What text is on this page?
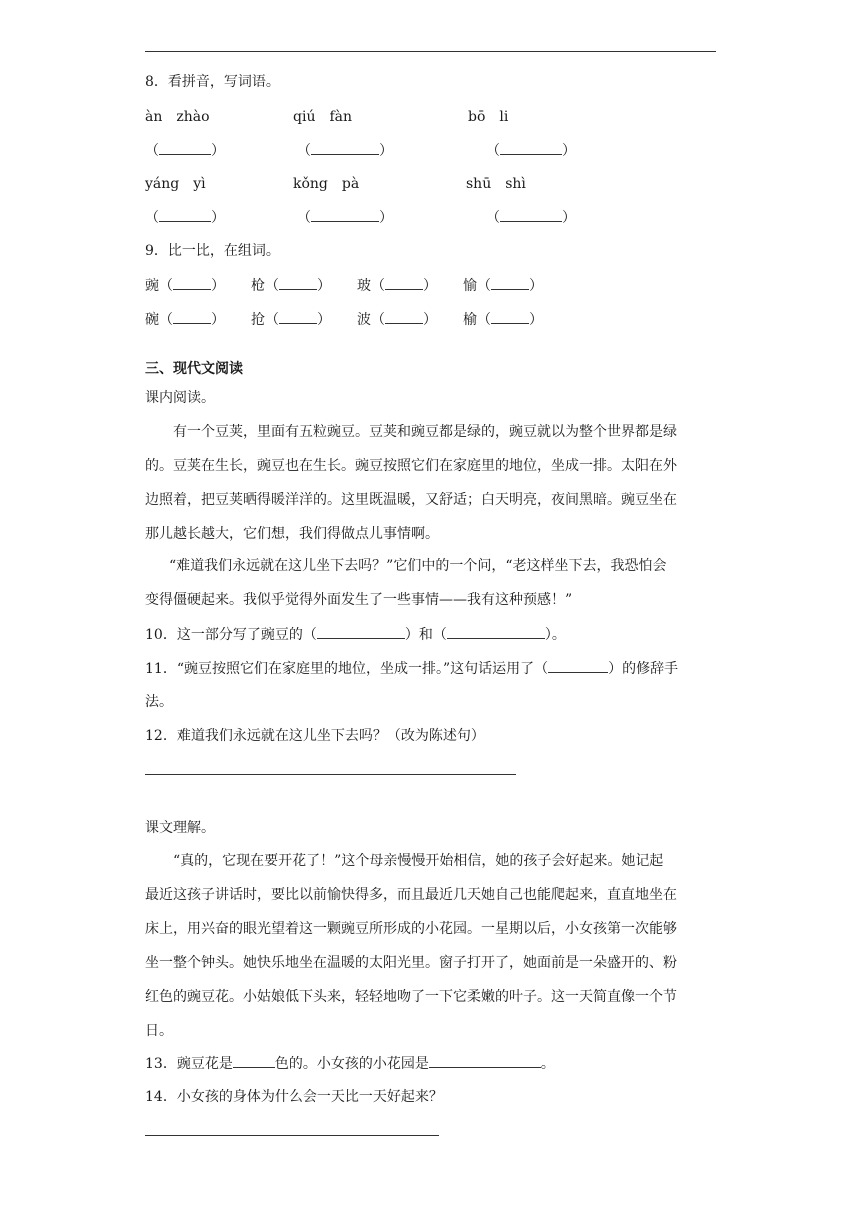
8．看拼音，写词语。
àn　zhào	qiú　fàn	bō　li
（	）	（	）	（	）
yáng　yì	kǒng　pà	shū　shì
（	）	（	）	（	）
9．比一比，在组词。
豌（	） 枪（	） 玻（	） 愉（	）
碗（	） 抢（	） 波（	） 榆（	）
三、现代文阅读
课内阅读。
有一个豆荚，里面有五粒豌豆。豆荚和豌豆都是绿的，豌豆就以为整个世界都是绿
的。豆荚在生长，豌豆也在生长。豌豆按照它们在家庭里的地位，坐成一排。太阳在外
边照着，把豆荚晒得暖洋洋的。这里既温暖，又舒适；白天明亮，夜间黑暗。豌豆坐在
那儿越长越大，它们想，我们得做点儿事情啊。
“难道我们永远就在这儿坐下去吗？”它们中的一个问，“老这样坐下去，我恐怕会
变得僵硬起来。我似乎觉得外面发生了一些事情——我有这种预感！”
10．这一部分写了豌豆的（	）和（	）。
11．“豌豆按照它们在家庭里的地位，坐成一排。”这句话运用了（	）的修辞手
法。
12．难道我们永远就在这儿坐下去吗？（改为陈述句）
课文理解。
“真的，它现在要开花了！”这个母亲慢慢开始相信，她的孩子会好起来。她记起
最近这孩子讲话时，要比以前愉快得多，而且最近几天她自己也能爬起来，直直地坐在
床上，用兴奋的眼光望着这一颗豌豆所形成的小花园。一星期以后，小女孩第一次能够
坐一整个钟头。她快乐地坐在温暖的太阳光里。窗子打开了，她面前是一朵盛开的、粉
红色的豌豆花。小姑娘低下头来，轻轻地吻了一下它柔嫩的叶子。这一天简直像一个节
日。
13．豌豆花是	色的。小女孩的小花园是	。
14．小女孩的身体为什么会一天比一天好起来？
